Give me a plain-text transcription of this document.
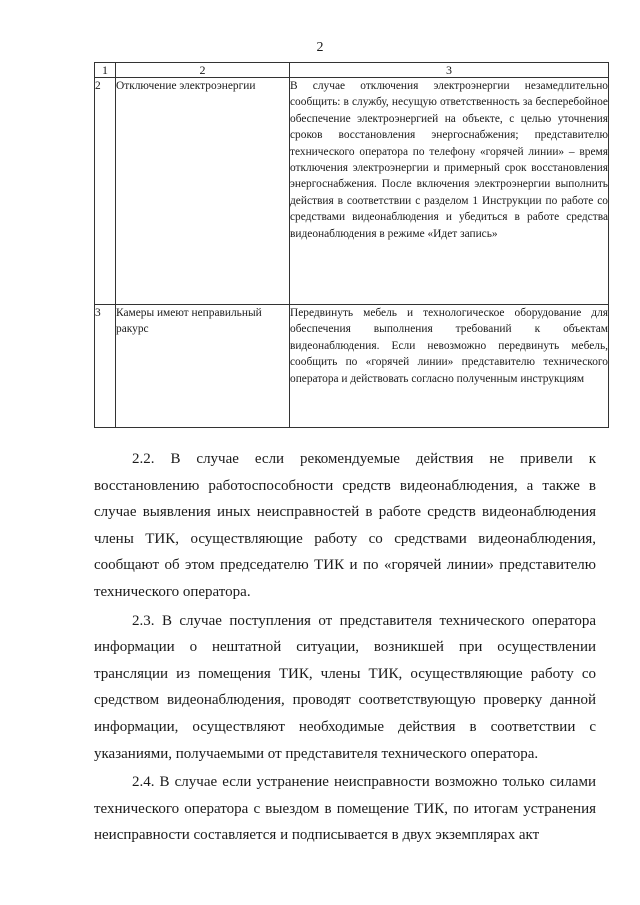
2
1	2	3
2	Отключение электроэнергии	В случае отключения электроэнергии незамедлительно сообщить: в службу, несущую ответственность за бесперебойное обеспечение электроэнергией на объекте, с целью уточнения сроков восстановления энергоснабжения; представителю технического оператора по телефону «горячей линии» – время отключения электроэнергии и примерный срок восстановления энергоснабжения. После включения электроэнергии выполнить действия в соответствии с разделом 1 Инструкции по работе со средствами видеонаблюдения и убедиться в работе средства видеонаблюдения в режиме «Идет запись»
3	Камеры имеют неправильный ракурс	Передвинуть мебель и технологическое оборудование для обеспечения выполнения требований к объектам видеонаблюдения. Если невозможно передвинуть мебель, сообщить по «горячей линии» представителю технического оператора и действовать согласно полученным инструкциям

2.2. В случае если рекомендуемые действия не привели к восстановлению работоспособности средств видеонаблюдения, а также в случае выявления иных неисправностей в работе средств видеонаблюдения члены ТИК, осуществляющие работу со средствами видеонаблюдения, сообщают об этом председателю ТИК и по «горячей линии» представителю технического оператора.

2.3. В случае поступления от представителя технического оператора информации о нештатной ситуации, возникшей при осуществлении трансляции из помещения ТИК, члены ТИК, осуществляющие работу со средством видеонаблюдения, проводят соответствующую проверку данной информации, осуществляют необходимые действия в соответствии с указаниями, получаемыми от представителя технического оператора.

2.4. В случае если устранение неисправности возможно только силами технического оператора с выездом в помещение ТИК, по итогам устранения неисправности составляется и подписывается в двух экземплярах акт
